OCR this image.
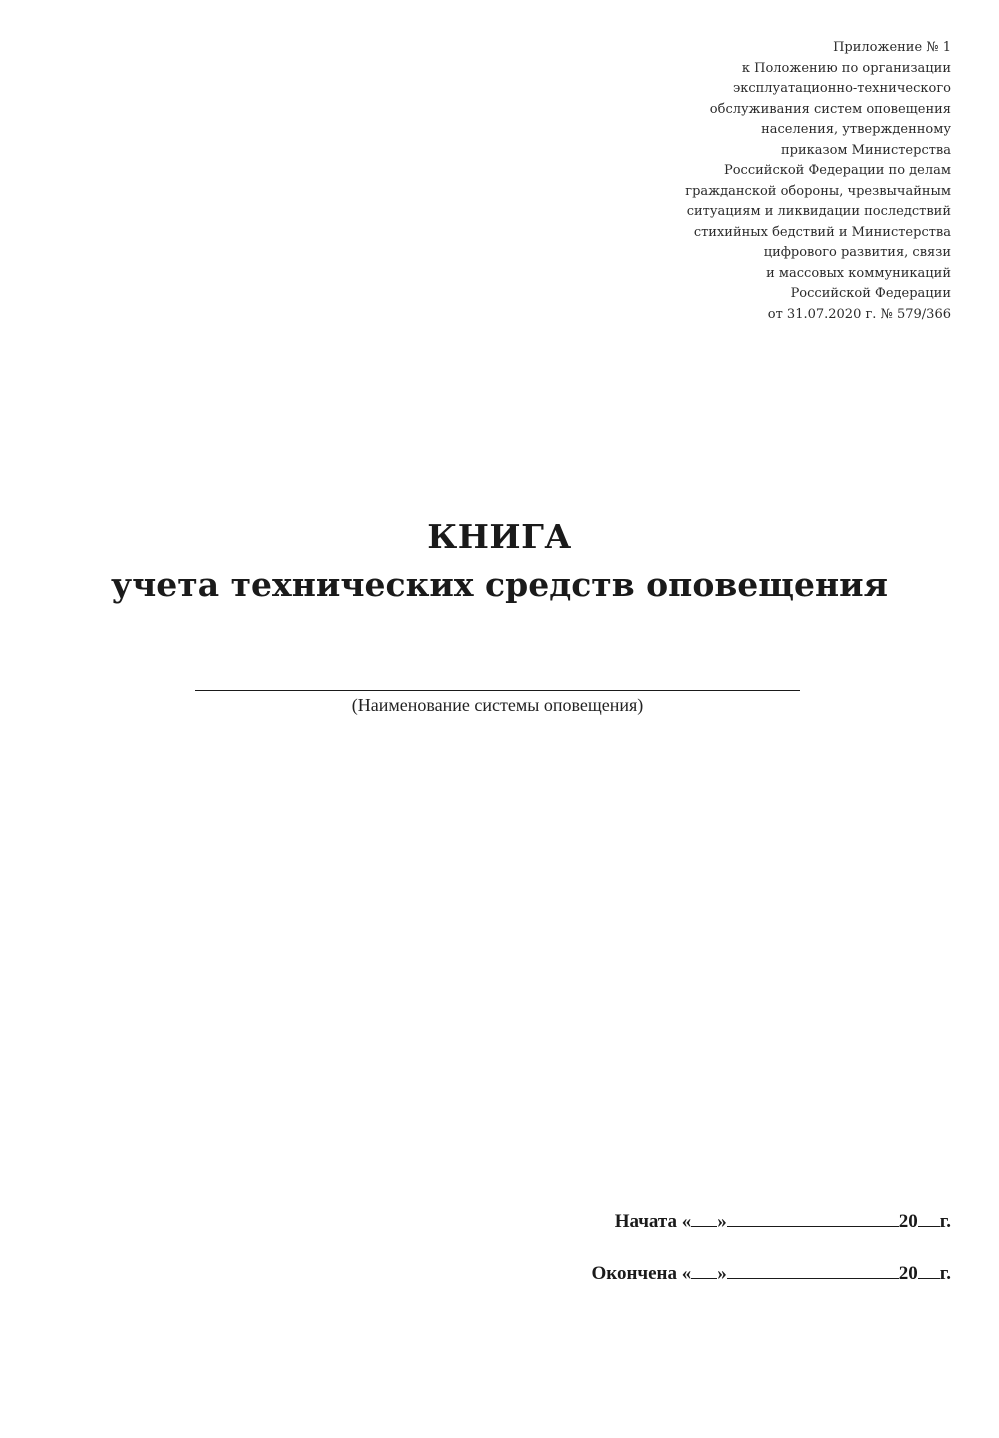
Приложение № 1
к Положению по организации
эксплуатационно-технического
обслуживания систем оповещения
населения, утвержденному
приказом Министерства
Российской Федерации по делам
гражданской обороны, чрезвычайным
ситуациям и ликвидации последствий
стихийных бедствий и Министерства
цифрового развития, связи
и массовых коммуникаций
Российской Федерации
от 31.07.2020 г. № 579/366
КНИГА
учета технических средств оповещения
(Наименование системы оповещения)
Начата « »	20 г.
Окончена « »	20 г.
